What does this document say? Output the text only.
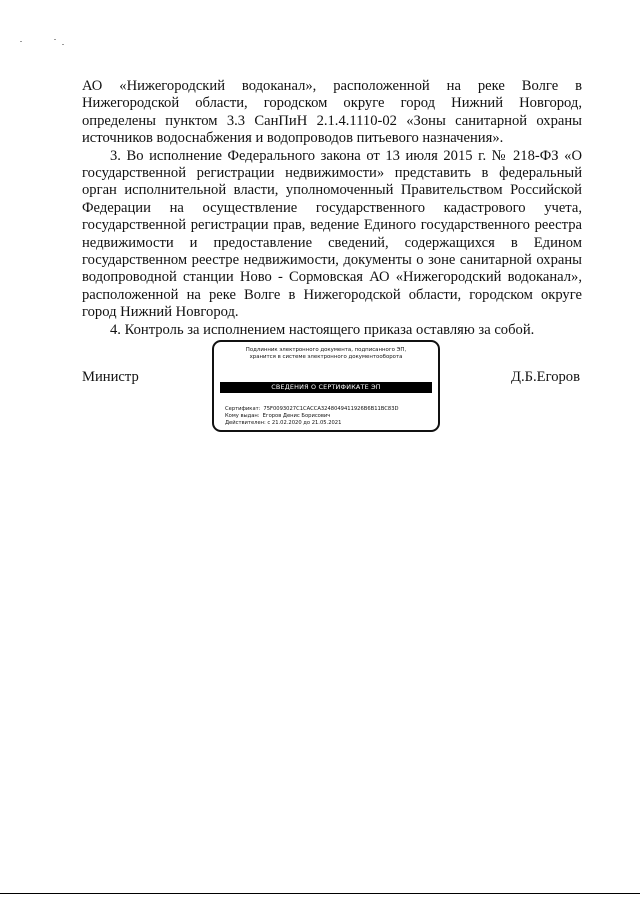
АО «Нижегородский водоканал», расположенной на реке Волге в Нижегородской области, городском округе город Нижний Новгород, определены пунктом 3.3 СанПиН 2.1.4.1110-02 «Зоны санитарной охраны источников водоснабжения и водопроводов питьевого назначения».

3. Во исполнение Федерального закона от 13 июля 2015 г. № 218-ФЗ «О государственной регистрации недвижимости» представить в федеральный орган исполнительной власти, уполномоченный Правительством Российской Федерации на осуществление государственного кадастрового учета, государственной регистрации прав, ведение Единого государственного реестра недвижимости и предоставление сведений, содержащихся в Едином государственном реестре недвижимости, документы о зоне санитарной охраны водопроводной станции Ново - Сормовская АО «Нижегородский водоканал», расположенной на реке Волге в Нижегородской области, городском округе город Нижний Новгород.

4. Контроль за исполнением настоящего приказа оставляю за собой.

Министр	Д.Б.Егоров
Подлинник электронного документа, подписанного ЭП,
хранится в системе электронного документооборота
СВЕДЕНИЯ О СЕРТИФИКАТЕ ЭП
Сертификат: 75F0093027C1CACCA3248049411926B6B11BC83D
Кому выдан: Егоров Денис Борисович
Действителен: с 21.02.2020 до 21.05.2021
